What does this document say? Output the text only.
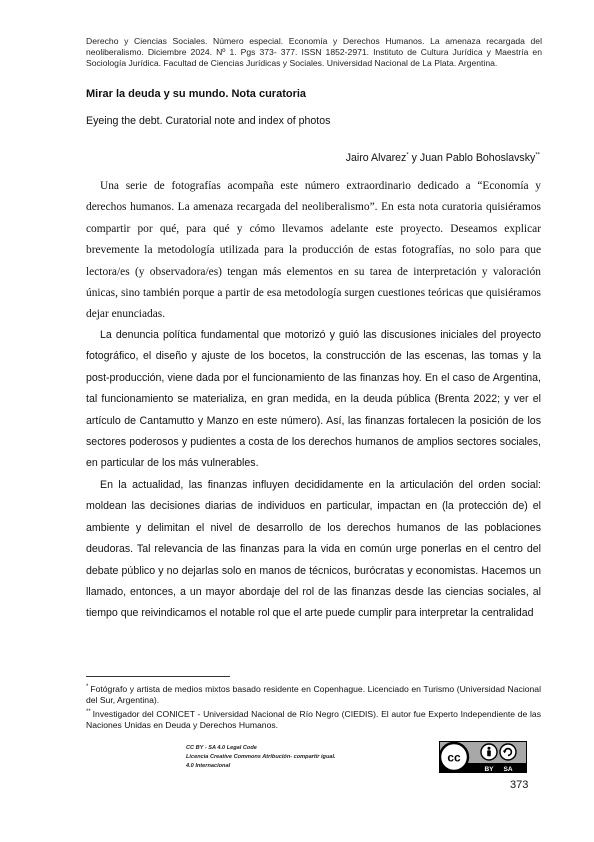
Derecho y Ciencias Sociales. Número especial. Economía y Derechos Humanos. La amenaza recargada del neoliberalismo. Diciembre 2024. Nº 1. Pgs 373- 377. ISSN 1852-2971. Instituto de Cultura Jurídica y Maestría en Sociología Jurídica. Facultad de Ciencias Jurídicas y Sociales. Universidad Nacional de La Plata. Argentina.
Mirar la deuda y su mundo. Nota curatoria
Eyeing the debt. Curatorial note and index of photos
Jairo Alvarez* y Juan Pablo Bohoslavsky**

Una serie de fotografías acompaña este número extraordinario dedicado a “Economía y derechos humanos. La amenaza recargada del neoliberalismo”. En esta nota curatoria quisiéramos compartir por qué, para qué y cómo llevamos adelante este proyecto. Deseamos explicar brevemente la metodología utilizada para la producción de estas fotografías, no solo para que lectora/es (y observadora/es) tengan más elementos en su tarea de interpretación y valoración únicas, sino también porque a partir de esa metodología surgen cuestiones teóricas que quisiéramos dejar enunciadas.

La denuncia política fundamental que motorizó y guió las discusiones iniciales del proyecto fotográfico, el diseño y ajuste de los bocetos, la construcción de las escenas, las tomas y la post-producción, viene dada por el funcionamiento de las finanzas hoy. En el caso de Argentina, tal funcionamiento se materializa, en gran medida, en la deuda pública (Brenta 2022; y ver el artículo de Cantamutto y Manzo en este número). Así, las finanzas fortalecen la posición de los sectores poderosos y pudientes a costa de los derechos humanos de amplios sectores sociales, en particular de los más vulnerables.

En la actualidad, las finanzas influyen decididamente en la articulación del orden social: moldean las decisiones diarias de individuos en particular, impactan en (la protección de) el ambiente y delimitan el nivel de desarrollo de los derechos humanos de las poblaciones deudoras. Tal relevancia de las finanzas para la vida en común urge ponerlas en el centro del debate público y no dejarlas solo en manos de técnicos, burócratas y economistas. Hacemos un llamado, entonces, a un mayor abordaje del rol de las finanzas desde las ciencias sociales, al tiempo que reivindicamos el notable rol que el arte puede cumplir para interpretar la centralidad

* Fotógrafo y artista de medios mixtos basado residente en Copenhague. Licenciado en Turismo (Universidad Nacional del Sur, Argentina).

** Investigador del CONICET - Universidad Nacional de Río Negro (CIEDIS). El autor fue Experto Independiente de las Naciones Unidas en Deuda y Derechos Humanos.

CC BY - SA 4.0 Legal Code
Licencia Creative Commons Atribución- compartir igual.
4.0 Internacional
cc
BY SA
373
